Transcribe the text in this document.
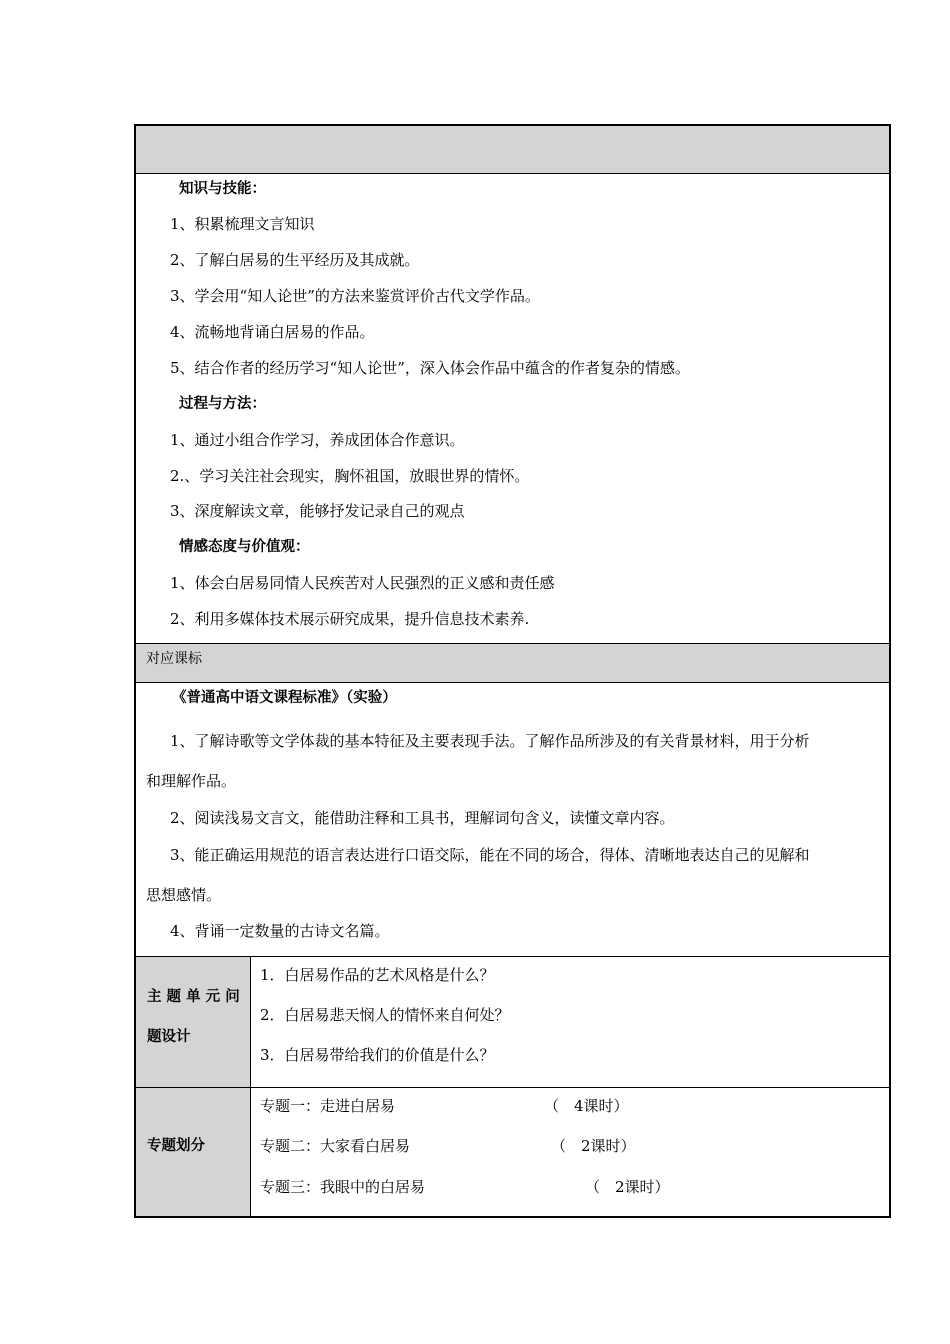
知识与技能：
1、积累梳理文言知识
2、了解白居易的生平经历及其成就。
3、学会用“知人论世”的方法来鉴赏评价古代文学作品。
4、流畅地背诵白居易的作品。
5、结合作者的经历学习“知人论世”，深入体会作品中蕴含的作者复杂的情感。
过程与方法：
1、通过小组合作学习，养成团体合作意识。
2.、学习关注社会现实，胸怀祖国，放眼世界的情怀。
3、深度解读文章，能够抒发记录自己的观点
情感态度与价值观：
1、体会白居易同情人民疾苦对人民强烈的正义感和责任感
2、利用多媒体技术展示研究成果，提升信息技术素养.
对应课标
《普通高中语文课程标准》（实验）
1、了解诗歌等文学体裁的基本特征及主要表现手法。了解作品所涉及的有关背景材料，用于分析
和理解作品。
2、阅读浅易文言文，能借助注释和工具书，理解词句含义，读懂文章内容。
3、能正确运用规范的语言表达进行口语交际，能在不同的场合，得体、清晰地表达自己的见解和
思想感情。
4、背诵一定数量的古诗文名篇。
主 题 单 元 问
题设计
1．白居易作品的艺术风格是什么？
2．白居易悲天悯人的情怀来自何处？
3．白居易带给我们的价值是什么？
专题划分
专题一：走进白居易	（　4课时）
专题二：大家看白居易	（　2课时）
专题三：我眼中的白居易	（　2课时）
